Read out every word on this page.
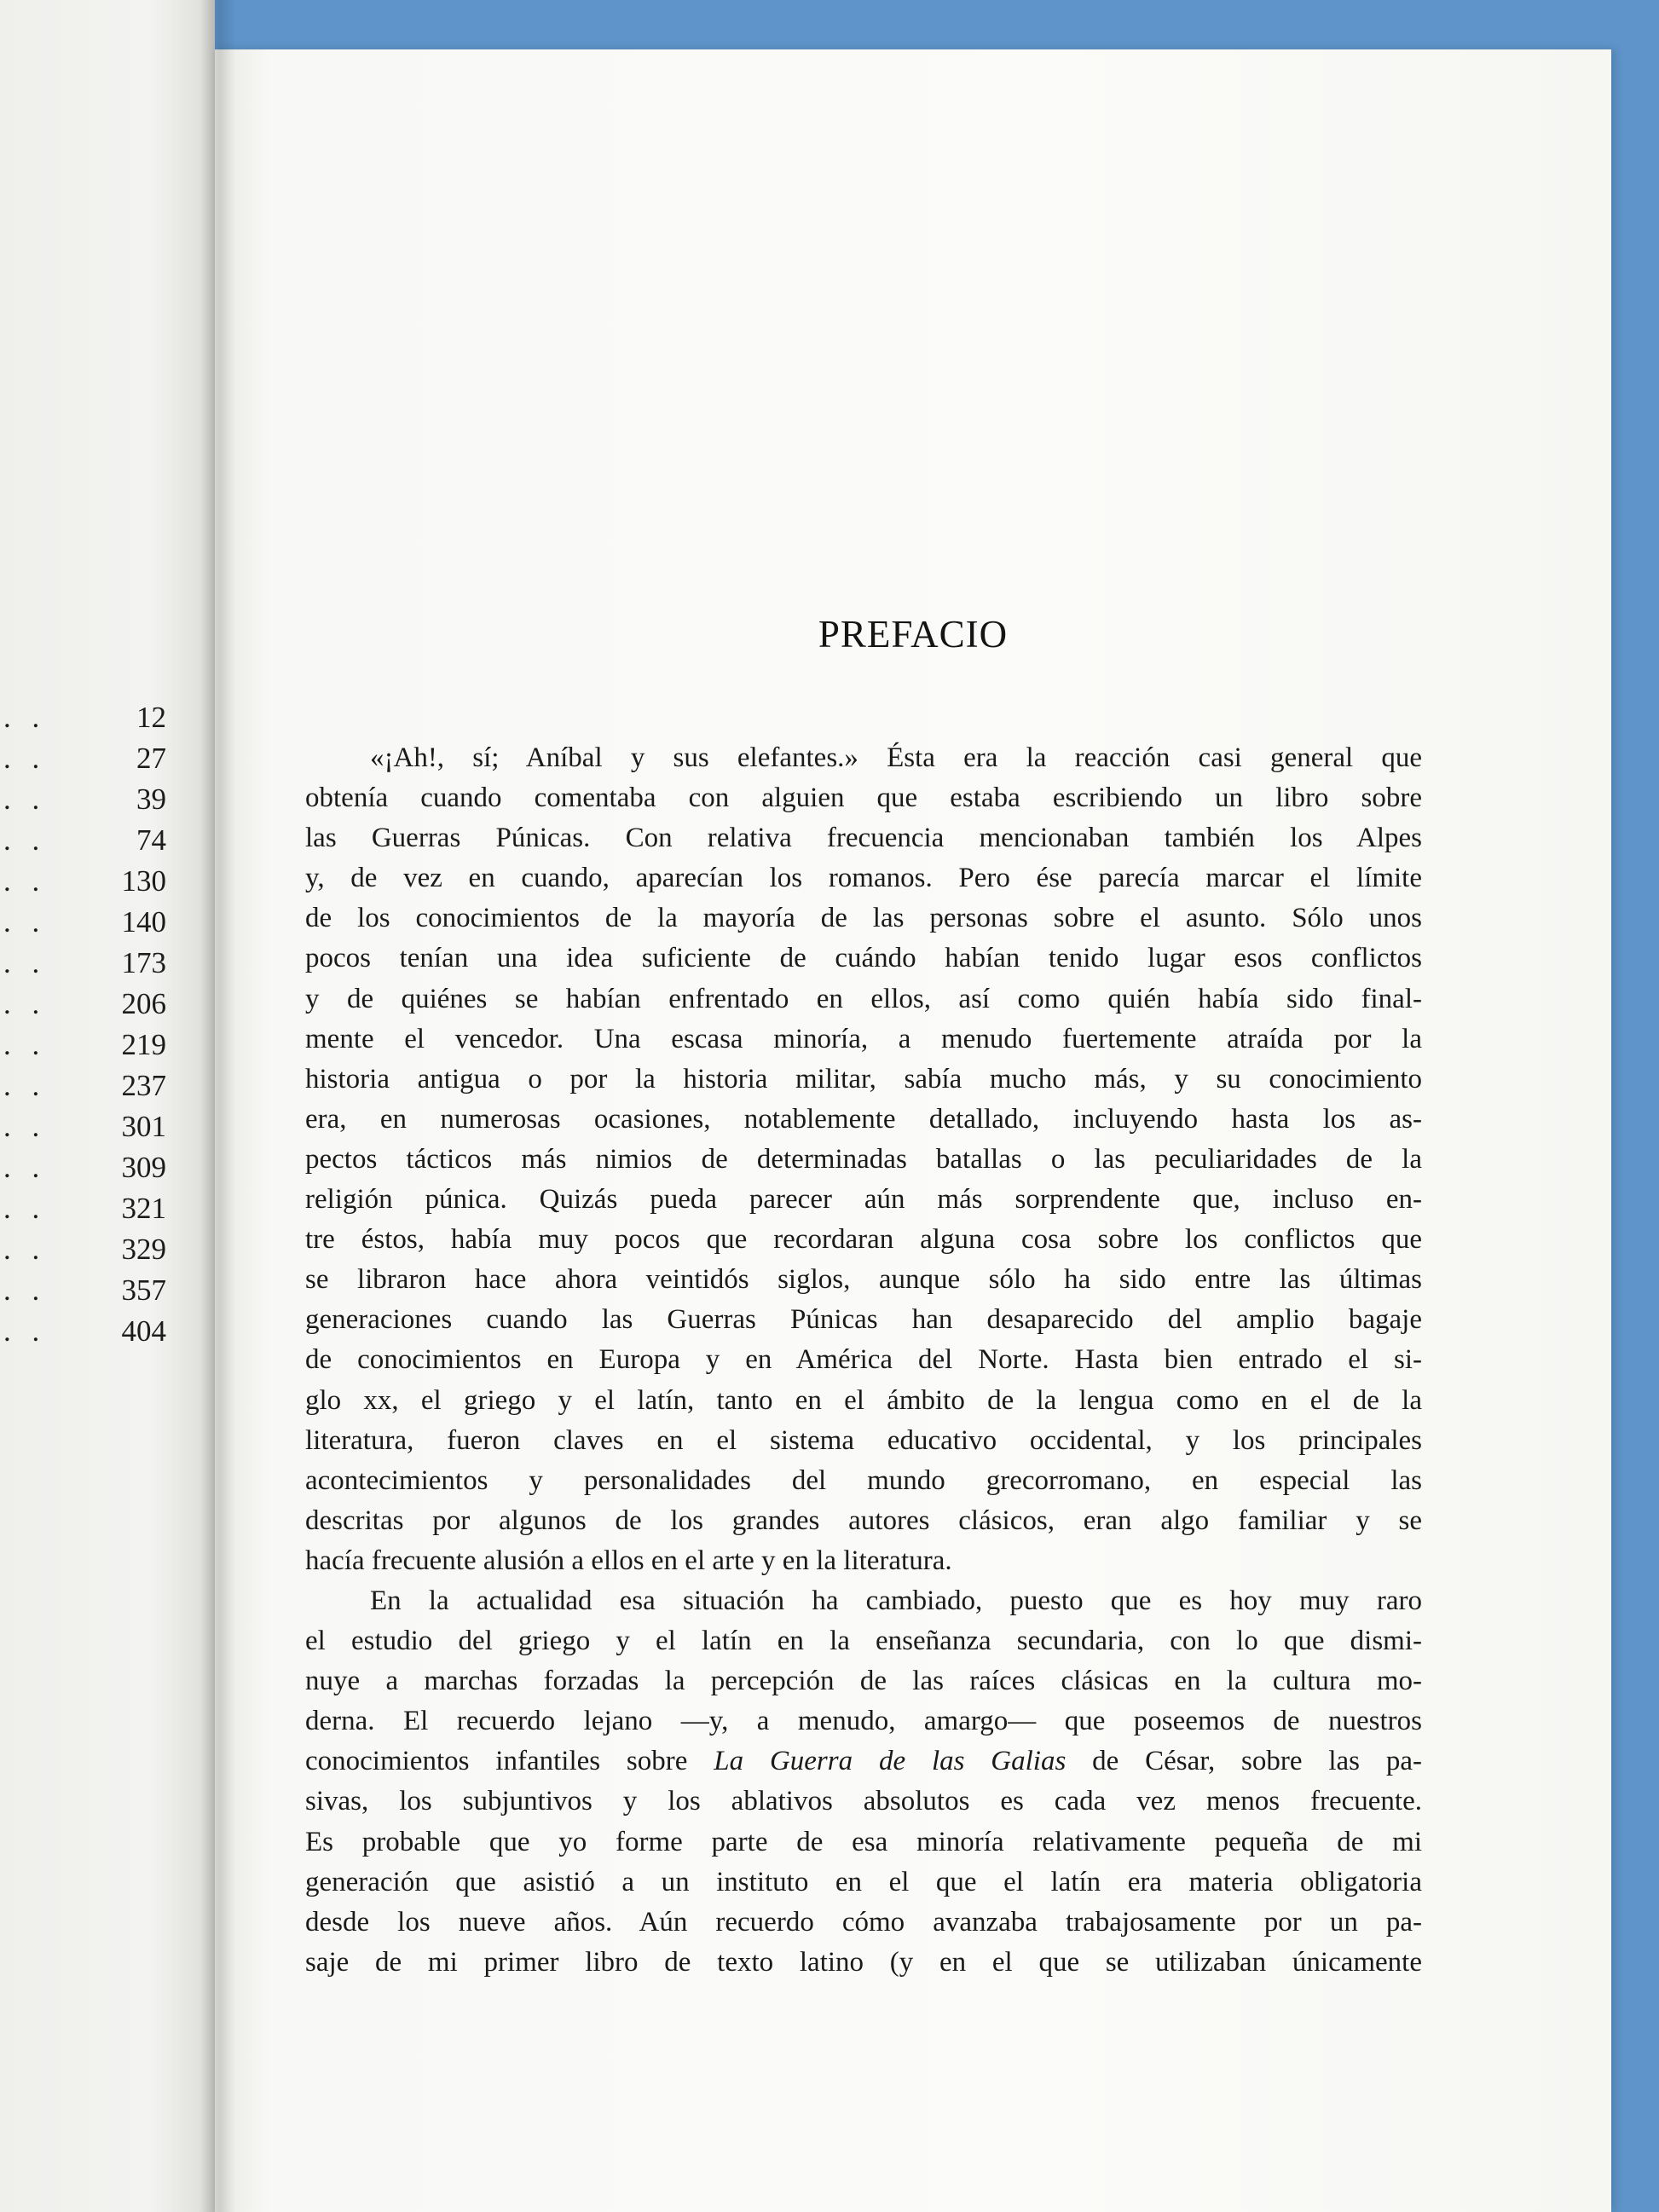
. .	12
. .	27
. .	39
. .	74
. .	130
. .	140
. .	173
. .	206
. .	219
. .	237
. .	301
. .	309
. .	321
. .	329
. .	357
. .	404
PREFACIO
«¡Ah!, sí; Aníbal y sus elefantes.» Ésta era la reacción casi general que
obtenía cuando comentaba con alguien que estaba escribiendo un libro sobre
las Guerras Púnicas. Con relativa frecuencia mencionaban también los Alpes
y, de vez en cuando, aparecían los romanos. Pero ése parecía marcar el límite
de los conocimientos de la mayoría de las personas sobre el asunto. Sólo unos
pocos tenían una idea suficiente de cuándo habían tenido lugar esos conflictos
y de quiénes se habían enfrentado en ellos, así como quién había sido final-
mente el vencedor. Una escasa minoría, a menudo fuertemente atraída por la
historia antigua o por la historia militar, sabía mucho más, y su conocimiento
era, en numerosas ocasiones, notablemente detallado, incluyendo hasta los as-
pectos tácticos más nimios de determinadas batallas o las peculiaridades de la
religión púnica. Quizás pueda parecer aún más sorprendente que, incluso en-
tre éstos, había muy pocos que recordaran alguna cosa sobre los conflictos que
se libraron hace ahora veintidós siglos, aunque sólo ha sido entre las últimas
generaciones cuando las Guerras Púnicas han desaparecido del amplio bagaje
de conocimientos en Europa y en América del Norte. Hasta bien entrado el si-
glo xx, el griego y el latín, tanto en el ámbito de la lengua como en el de la
literatura, fueron claves en el sistema educativo occidental, y los principales
acontecimientos y personalidades del mundo grecorromano, en especial las
descritas por algunos de los grandes autores clásicos, eran algo familiar y se
hacía frecuente alusión a ellos en el arte y en la literatura.
En la actualidad esa situación ha cambiado, puesto que es hoy muy raro
el estudio del griego y el latín en la enseñanza secundaria, con lo que dismi-
nuye a marchas forzadas la percepción de las raíces clásicas en la cultura mo-
derna. El recuerdo lejano —y, a menudo, amargo— que poseemos de nuestros
conocimientos infantiles sobre La Guerra de las Galias de César, sobre las pa-
sivas, los subjuntivos y los ablativos absolutos es cada vez menos frecuente.
Es probable que yo forme parte de esa minoría relativamente pequeña de mi
generación que asistió a un instituto en el que el latín era materia obligatoria
desde los nueve años. Aún recuerdo cómo avanzaba trabajosamente por un pa-
saje de mi primer libro de texto latino (y en el que se utilizaban únicamente
